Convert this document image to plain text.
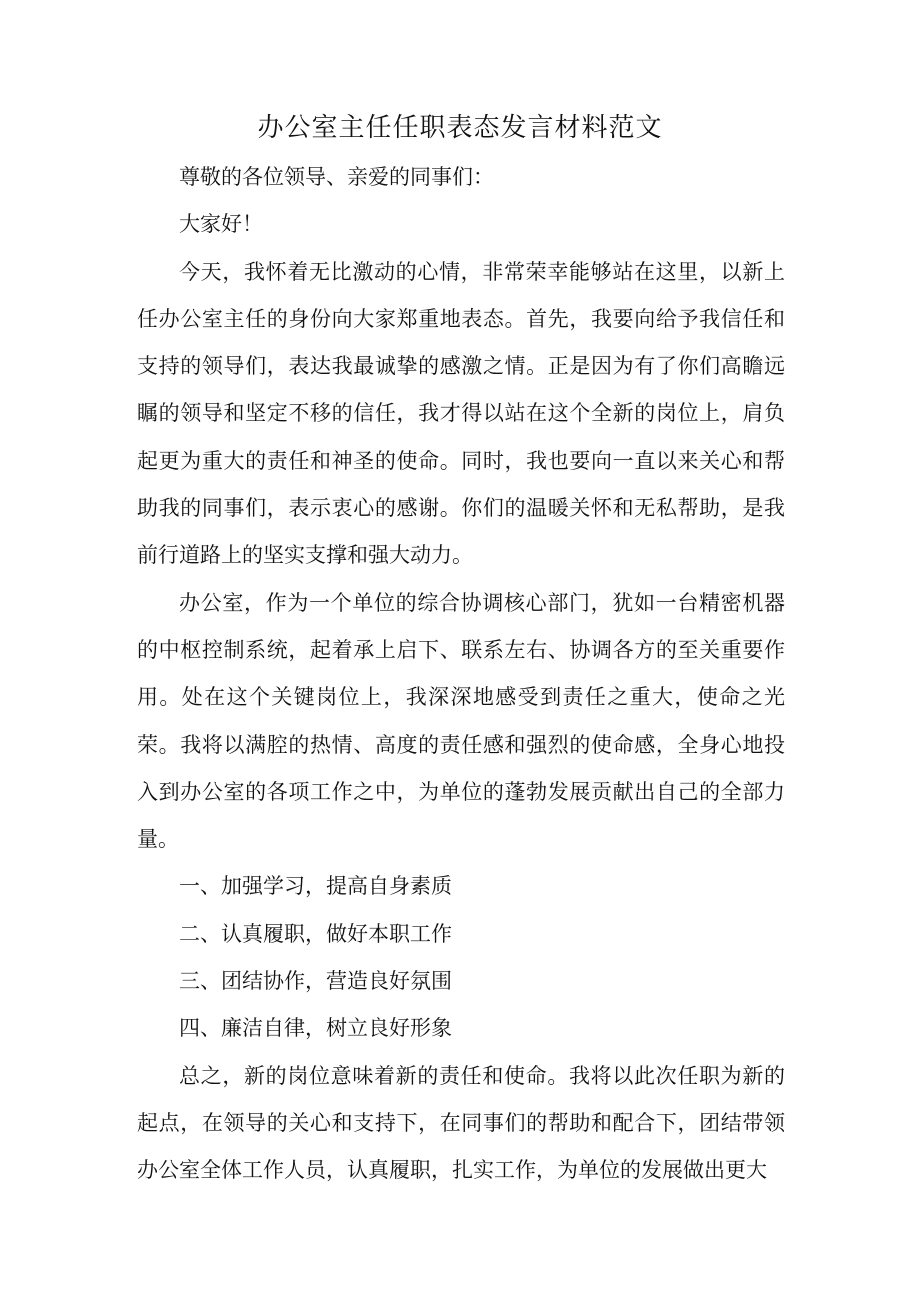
办公室主任任职表态发言材料范文

尊敬的各位领导、亲爱的同事们：

大家好！

今天，我怀着无比激动的心情，非常荣幸能够站在这里，以新上任办公室主任的身份向大家郑重地表态。首先，我要向给予我信任和支持的领导们，表达我最诚挚的感激之情。正是因为有了你们高瞻远瞩的领导和坚定不移的信任，我才得以站在这个全新的岗位上，肩负起更为重大的责任和神圣的使命。同时，我也要向一直以来关心和帮助我的同事们，表示衷心的感谢。你们的温暖关怀和无私帮助，是我前行道路上的坚实支撑和强大动力。

办公室，作为一个单位的综合协调核心部门，犹如一台精密机器的中枢控制系统，起着承上启下、联系左右、协调各方的至关重要作用。处在这个关键岗位上，我深深地感受到责任之重大，使命之光荣。我将以满腔的热情、高度的责任感和强烈的使命感，全身心地投入到办公室的各项工作之中，为单位的蓬勃发展贡献出自己的全部力量。

一、加强学习，提高自身素质

二、认真履职，做好本职工作

三、团结协作，营造良好氛围

四、廉洁自律，树立良好形象

总之，新的岗位意味着新的责任和使命。我将以此次任职为新的起点，在领导的关心和支持下，在同事们的帮助和配合下，团结带领办公室全体工作人员，认真履职，扎实工作，为单位的发展做出更大
